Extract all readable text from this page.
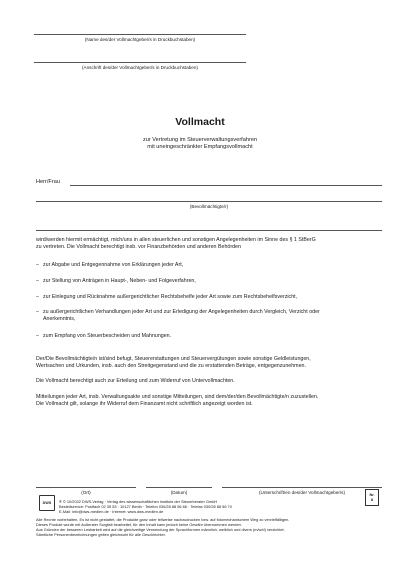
(Name des/der Vollmachtgeber/s in Druckbuchstaben)
(Anschrift des/der Vollmachtgeber/s in Druckbuchstaben)
Vollmacht
zur Vertretung im Steuerverwaltungsverfahren
mit uneingeschränkter Empfangsvollmacht
Herr/Frau
(Bevollmächtigte/r)
wird/werden hiermit ermächtigt, mich/uns in allen steuerlichen und sonstigen Angelegenheiten im Sinne des § 1 StBerG
zu vertreten. Die Vollmacht berechtigt insb. vor Finanzbehörden und anderen Behörden
– zur Abgabe und Entgegennahme von Erklärungen jeder Art,
– zur Stellung von Anträgen in Haupt-, Neben- und Folgeverfahren,
– zur Einlegung und Rücknahme außergerichtlicher Rechtsbehelfe jeder Art sowie zum Rechtsbehelfsverzicht,
– zu außergerichtlichen Verhandlungen jeder Art und zur Erledigung der Angelegenheiten durch Vergleich, Verzicht oder
Anerkenntnis,
– zum Empfang von Steuerbescheiden und Mahnungen.
Der/Die Bevollmächtigte/n ist/sind befugt, Steuererstattungen und Steuervergütungen sowie sonstige Geldleistungen,
Wertsachen und Urkunden, insb. auch den Streitgegenstand und die zu erstattenden Beträge, entgegenzunehmen.
Die Vollmacht berechtigt auch zur Erteilung und zum Widerruf von Untervollmachten.
Mitteilungen jeder Art, insb. Verwaltungsakte und sonstige Mitteilungen, sind dem/der/den Bevollmächtigte/n zuzustellen.
Die Vollmacht gilt, solange ihr Widerruf dem Finanzamt nicht schriftlich angezeigt worden ist.
(Ort)	(Datum)	(Unterschrift/en des/der Vollmachtgeber/s)
DWS ® © 10/2022 DWS-Verlag · Verlag des wissenschaftlichen Instituts der Steuerberater GmbH
Bestellservice: Postfach 02 35 53 · 10127 Berlin · Telefon 030/28 88 56 66 · Telefax 030/28 88 56 70
E-Mail: info@dws-medien.de · Internet: www.dws-medien.de
Nr.
8
Alle Rechte vorbehalten. Es ist nicht gestattet, die Produkte ganz oder teilweise nachzudrucken bzw. auf fotomechanischem Weg zu vervielfältigen.
Dieses Produkt wurde mit äußerster Sorgfalt bearbeitet, für den Inhalt kann jedoch keine Gewähr übernommen werden.
Aus Gründen der besseren Lesbarkeit wird auf die gleichzeitige Verwendung der Sprachformen männlich, weiblich und divers (m/w/d) verzichtet.
Sämtliche Personenbezeichnungen gelten gleichwohl für alle Geschlechter.
